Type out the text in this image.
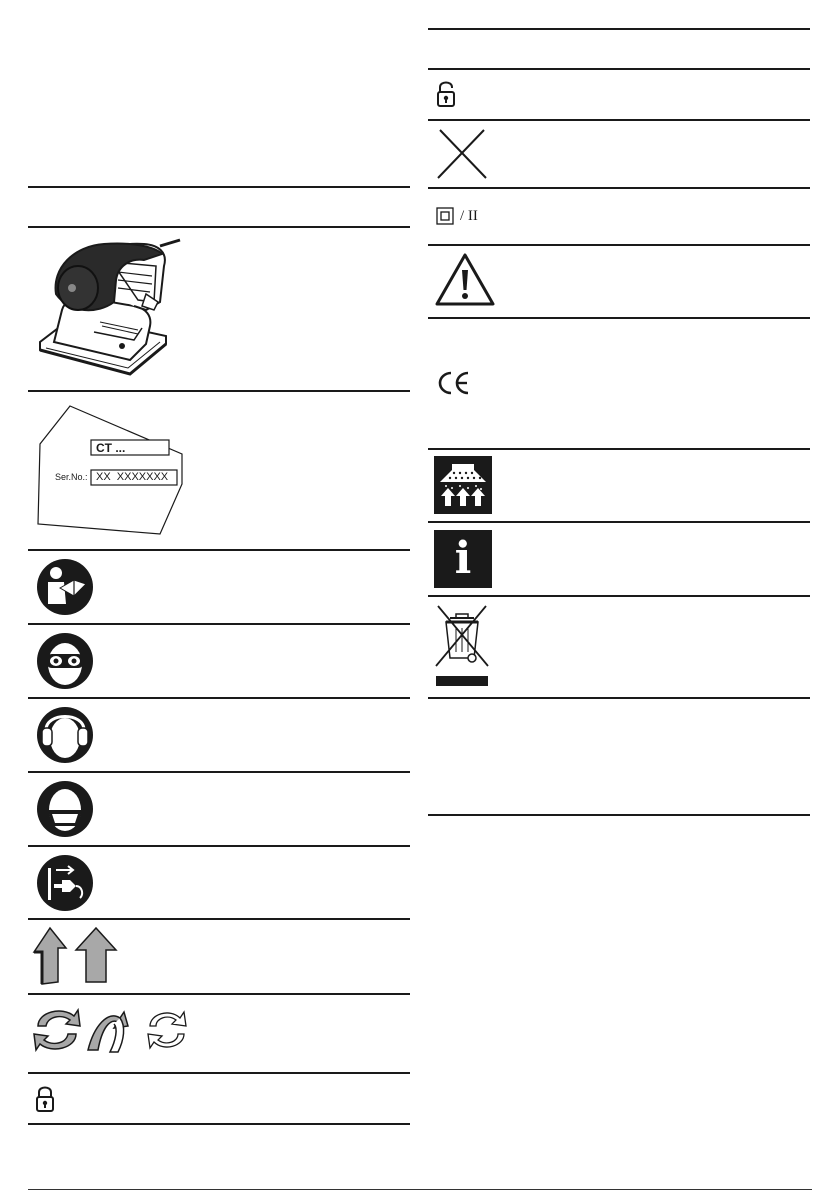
CT ...
Ser.No.: XX  XXXXXXX
/ II
i
